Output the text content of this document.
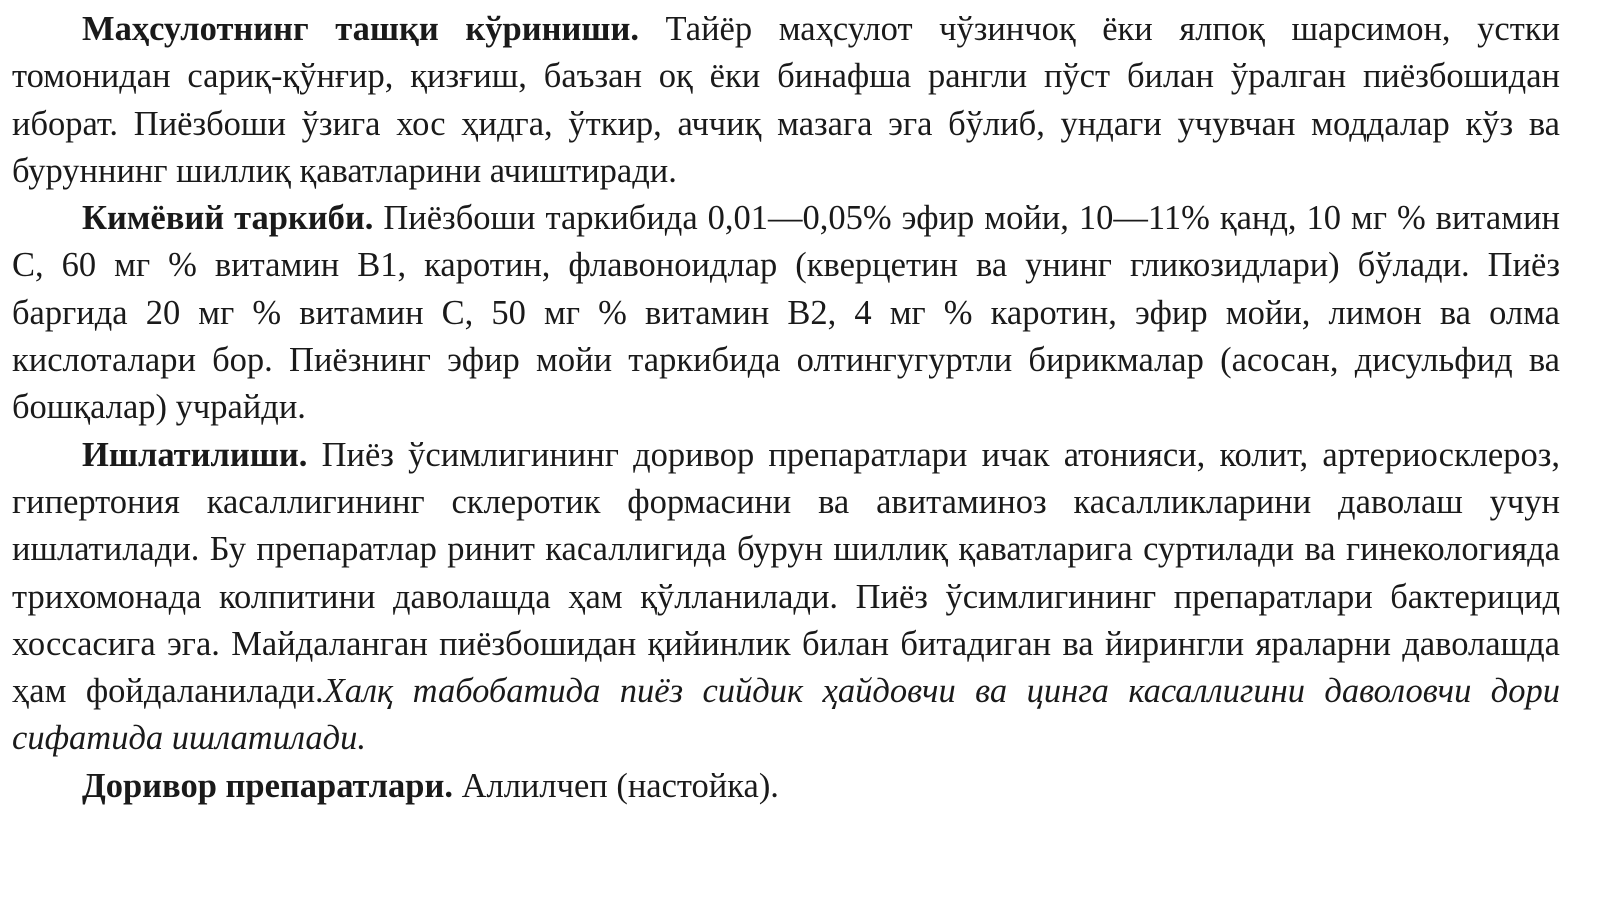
Маҳсулотнинг ташқи кўриниши. Тайёр маҳсулот чўзинчоқ ёки ялпоқ шарсимон, устки томонидан сариқ-қўнғир, қизғиш, баъзан оқ ёки бинафша рангли пўст билан ўралган пиёзбошидан иборат. Пиёзбоши ўзига хос ҳидга, ўткир, аччиқ мазага эга бўлиб, ундаги учувчан моддалар кўз ва буруннинг шиллиқ қаватларини ачиштиради.

Кимёвий таркиби. Пиёзбоши таркибида 0,01—0,05% эфир мойи, 10—11% қанд, 10 мг % витамин С, 60 мг % витамин В1, каротин, флавоноидлар (кверцетин ва унинг гликозидлари) бўлади. Пиёз баргида 20 мг % витамин С, 50 мг % витамин В2, 4 мг % каротин, эфир мойи, лимон ва олма кислоталари бор. Пиёзнинг эфир мойи таркибида олтингугуртли бирикмалар (асосан, дисульфид ва бошқалар) учрайди.

Ишлатилиши. Пиёз ўсимлигининг доривор препаратлари ичак атонияси, колит, артериосклероз, гипертония касаллигининг склеротик формасини ва авитаминоз касалликларини даволаш учун ишлатилади. Бу препаратлар ринит касаллигида бурун шиллиқ қаватларига суртилади ва гинекологияда трихомонада колпитини даволашда ҳам қўлланилади. Пиёз ўсимлигининг препаратлари бактерицид хоссасига эга. Майдаланган пиёзбошидан қийинлик билан битадиган ва йирингли яраларни даволашда ҳам фойдаланилади.Халқ табобатида пиёз сийдик ҳайдовчи ва цинга касаллигини даволовчи дори сифатида ишлатилади.

Доривор препаратлари. Аллилчеп (настойка).
